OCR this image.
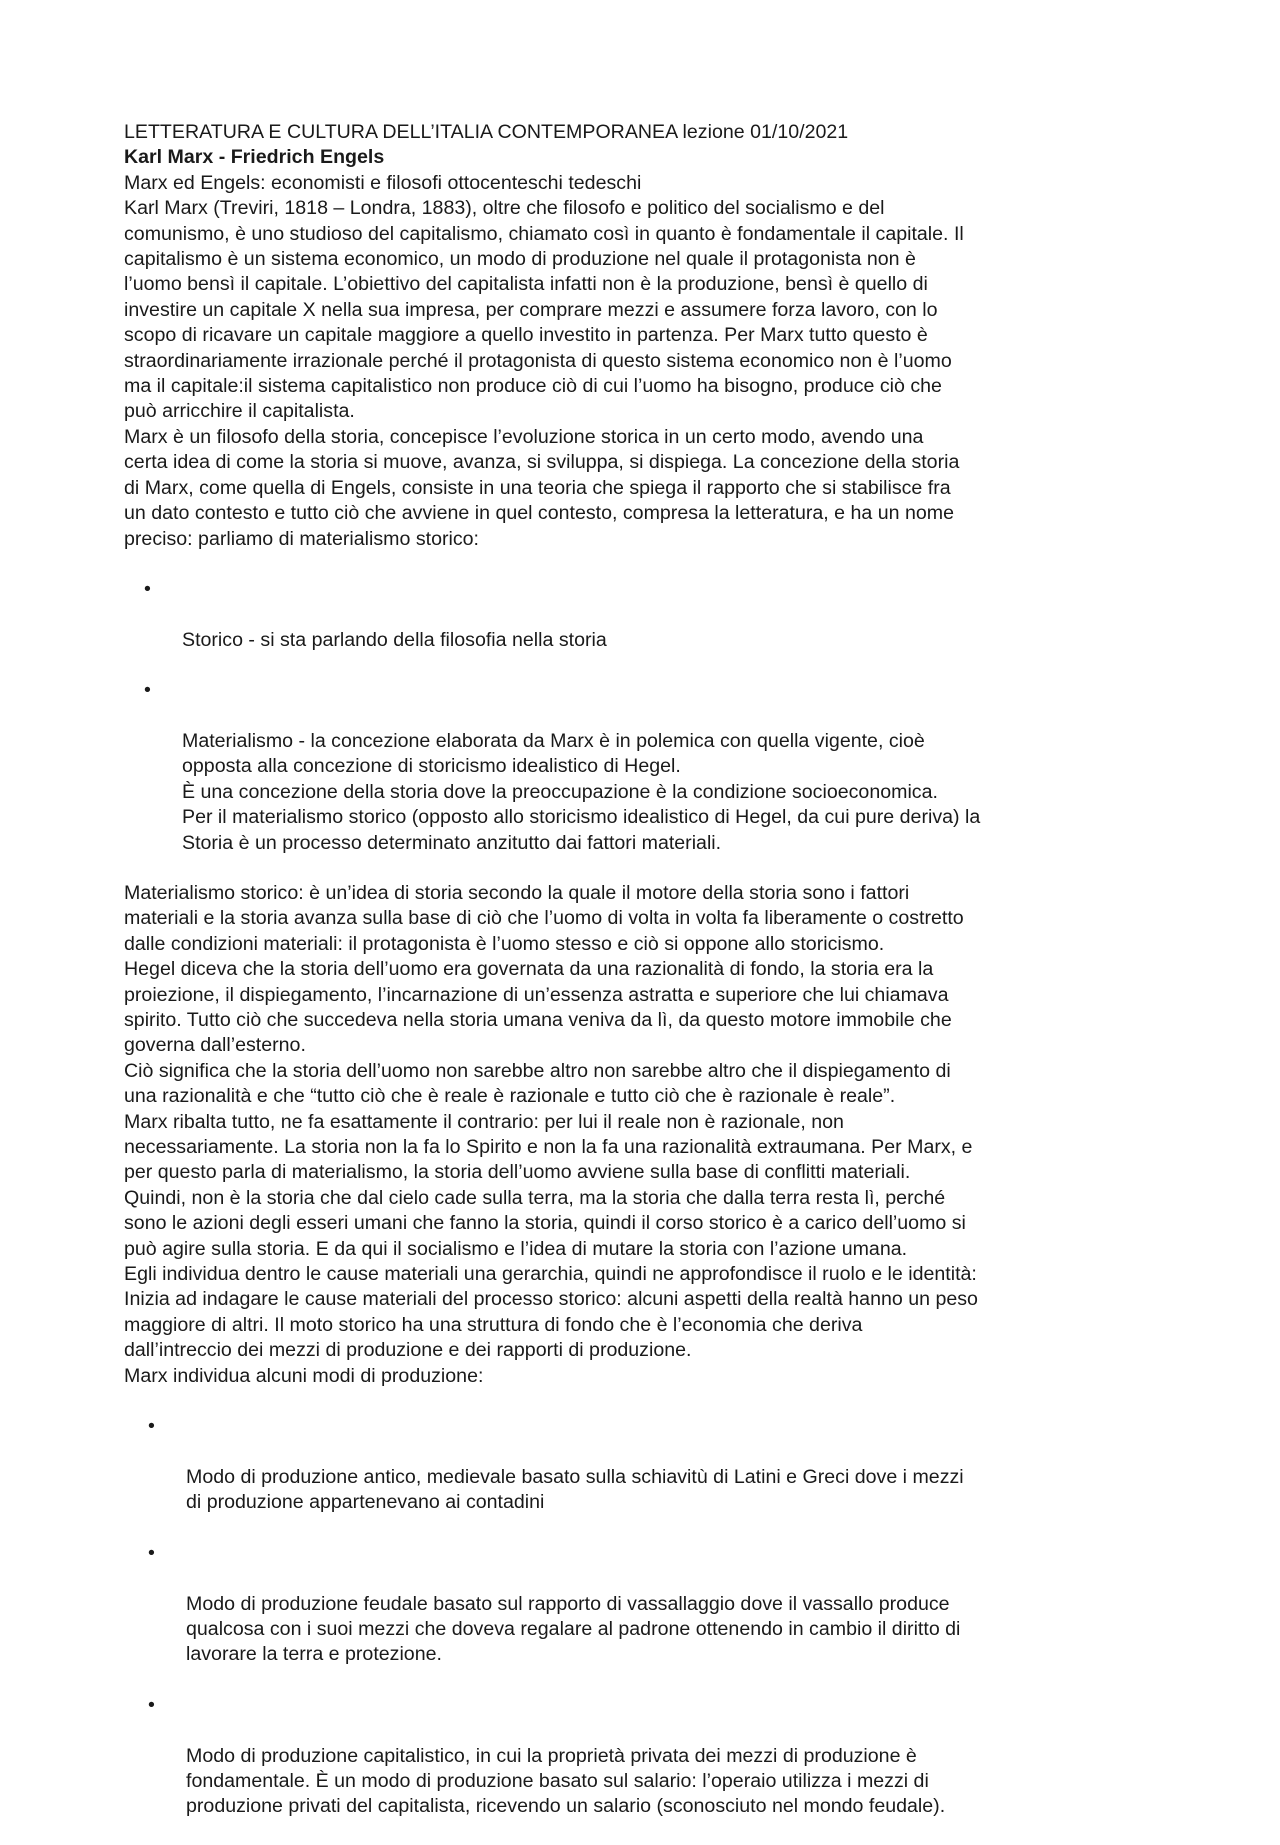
LETTERATURA E CULTURA DELL’ITALIA CONTEMPORANEA lezione 01/10/2021

Karl Marx - Friedrich Engels

Marx ed Engels: economisti e filosofi ottocenteschi tedeschi
Karl Marx (Treviri, 1818 – Londra, 1883), oltre che filosofo e politico del socialismo e del
comunismo, è uno studioso del capitalismo, chiamato così in quanto è fondamentale il capitale. Il
capitalismo è un sistema economico, un modo di produzione nel quale il protagonista non è
l’uomo bensì il capitale. L’obiettivo del capitalista infatti non è la produzione, bensì è quello di
investire un capitale X nella sua impresa, per comprare mezzi e assumere forza lavoro, con lo
scopo di ricavare un capitale maggiore a quello investito in partenza. Per Marx tutto questo è
straordinariamente irrazionale perché il protagonista di questo sistema economico non è l’uomo
ma il capitale:il sistema capitalistico non produce ciò di cui l’uomo ha bisogno, produce ciò che
può arricchire il capitalista.
Marx è un filosofo della storia, concepisce l’evoluzione storica in un certo modo, avendo una
certa idea di come la storia si muove, avanza, si sviluppa, si dispiega. La concezione della storia
di Marx, come quella di Engels, consiste in una teoria che spiega il rapporto che si stabilisce fra
un dato contesto e tutto ciò che avviene in quel contesto, compresa la letteratura, e ha un nome
preciso: parliamo di materialismo storico:

•

Storico - si sta parlando della filosofia nella storia

•

Materialismo - la concezione elaborata da Marx è in polemica con quella vigente, cioè
opposta alla concezione di storicismo idealistico di Hegel.
È una concezione della storia dove la preoccupazione è la condizione socioeconomica.
Per il materialismo storico (opposto allo storicismo idealistico di Hegel, da cui pure deriva) la
Storia è un processo determinato anzitutto dai fattori materiali.

Materialismo storico: è un’idea di storia secondo la quale il motore della storia sono i fattori
materiali e la storia avanza sulla base di ciò che l’uomo di volta in volta fa liberamente o costretto
dalle condizioni materiali: il protagonista è l’uomo stesso e ciò si oppone allo storicismo.
Hegel diceva che la storia dell’uomo era governata da una razionalità di fondo, la storia era la
proiezione, il dispiegamento, l’incarnazione di un’essenza astratta e superiore che lui chiamava
spirito. Tutto ciò che succedeva nella storia umana veniva da lì, da questo motore immobile che
governa dall’esterno.
Ciò significa che la storia dell’uomo non sarebbe altro non sarebbe altro che il dispiegamento di
una razionalità e che “tutto ciò che è reale è razionale e tutto ciò che è razionale è reale”.
Marx ribalta tutto, ne fa esattamente il contrario: per lui il reale non è razionale, non
necessariamente. La storia non la fa lo Spirito e non la fa una razionalità extraumana. Per Marx, e
per questo parla di materialismo, la storia dell’uomo avviene sulla base di conflitti materiali.
Quindi, non è la storia che dal cielo cade sulla terra, ma la storia che dalla terra resta lì, perché
sono le azioni degli esseri umani che fanno la storia, quindi il corso storico è a carico dell’uomo si
può agire sulla storia. E da qui il socialismo e l’idea di mutare la storia con l’azione umana.
Egli individua dentro le cause materiali una gerarchia, quindi ne approfondisce il ruolo e le identità:
Inizia ad indagare le cause materiali del processo storico: alcuni aspetti della realtà hanno un peso
maggiore di altri. Il moto storico ha una struttura di fondo che è l’economia che deriva
dall’intreccio dei mezzi di produzione e dei rapporti di produzione.
Marx individua alcuni modi di produzione:

•

Modo di produzione antico, medievale basato sulla schiavitù di Latini e Greci dove i mezzi
di produzione appartenevano ai contadini

•

Modo di produzione feudale basato sul rapporto di vassallaggio dove il vassallo produce
qualcosa con i suoi mezzi che doveva regalare al padrone ottenendo in cambio il diritto di
lavorare la terra e protezione.

•

Modo di produzione capitalistico, in cui la proprietà privata dei mezzi di produzione è
fondamentale. È un modo di produzione basato sul salario: l’operaio utilizza i mezzi di
produzione privati del capitalista, ricevendo un salario (sconosciuto nel mondo feudale).
